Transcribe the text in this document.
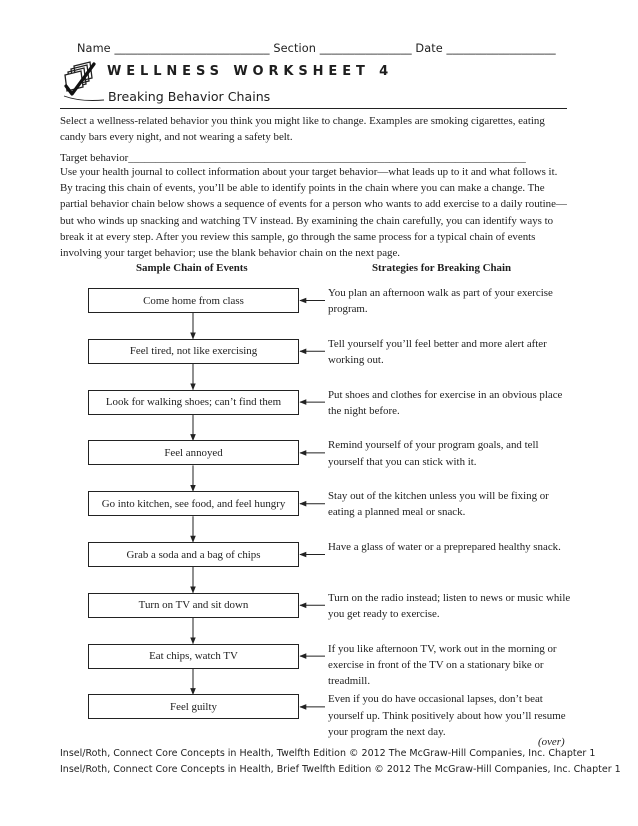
Name ___________________________ Section ________________ Date ___________________
WELLNESS WORKSHEET 4
Breaking Behavior Chains
Select a wellness-related behavior you think you might like to change. Examples are smoking cigarettes, eating candy bars every night, and not wearing a safety belt.
Target behavior_________________________________________________________________________
Use your health journal to collect information about your target behavior—what leads up to it and what follows it. By tracing this chain of events, you’ll be able to identify points in the chain where you can make a change. The partial behavior chain below shows a sequence of events for a person who wants to add exercise to a daily routine—but who winds up snacking and watching TV instead. By examining the chain carefully, you can identify ways to break it at every step. After you review this sample, go through the same process for a typical chain of events involving your target behavior; use the blank behavior chain on the next page.
Sample Chain of Events	Strategies for Breaking Chain
Come home from class
You plan an afternoon walk as part of your exercise program.
Feel tired, not like exercising
Tell yourself you’ll feel better and more alert after working out.
Look for walking shoes; can’t find them
Put shoes and clothes for exercise in an obvious place the night before.
Feel annoyed
Remind yourself of your program goals, and tell yourself that you can stick with it.
Go into kitchen, see food, and feel hungry
Stay out of the kitchen unless you will be fixing or eating a planned meal or snack.
Grab a soda and a bag of chips
Have a glass of water or a preprepared healthy snack.
Turn on TV and sit down
Turn on the radio instead; listen to news or music while you get ready to exercise.
Eat chips, watch TV
If you like afternoon TV, work out in the morning or exercise in front of the TV on a stationary bike or treadmill.
Feel guilty
Even if you do have occasional lapses, don’t beat yourself up. Think positively about how you’ll resume your program the next day.
(over)
Insel/Roth, Connect Core Concepts in Health, Twelfth Edition © 2012 The McGraw-Hill Companies, Inc. Chapter 1
Insel/Roth, Connect Core Concepts in Health, Brief Twelfth Edition © 2012 The McGraw-Hill Companies, Inc. Chapter 1
